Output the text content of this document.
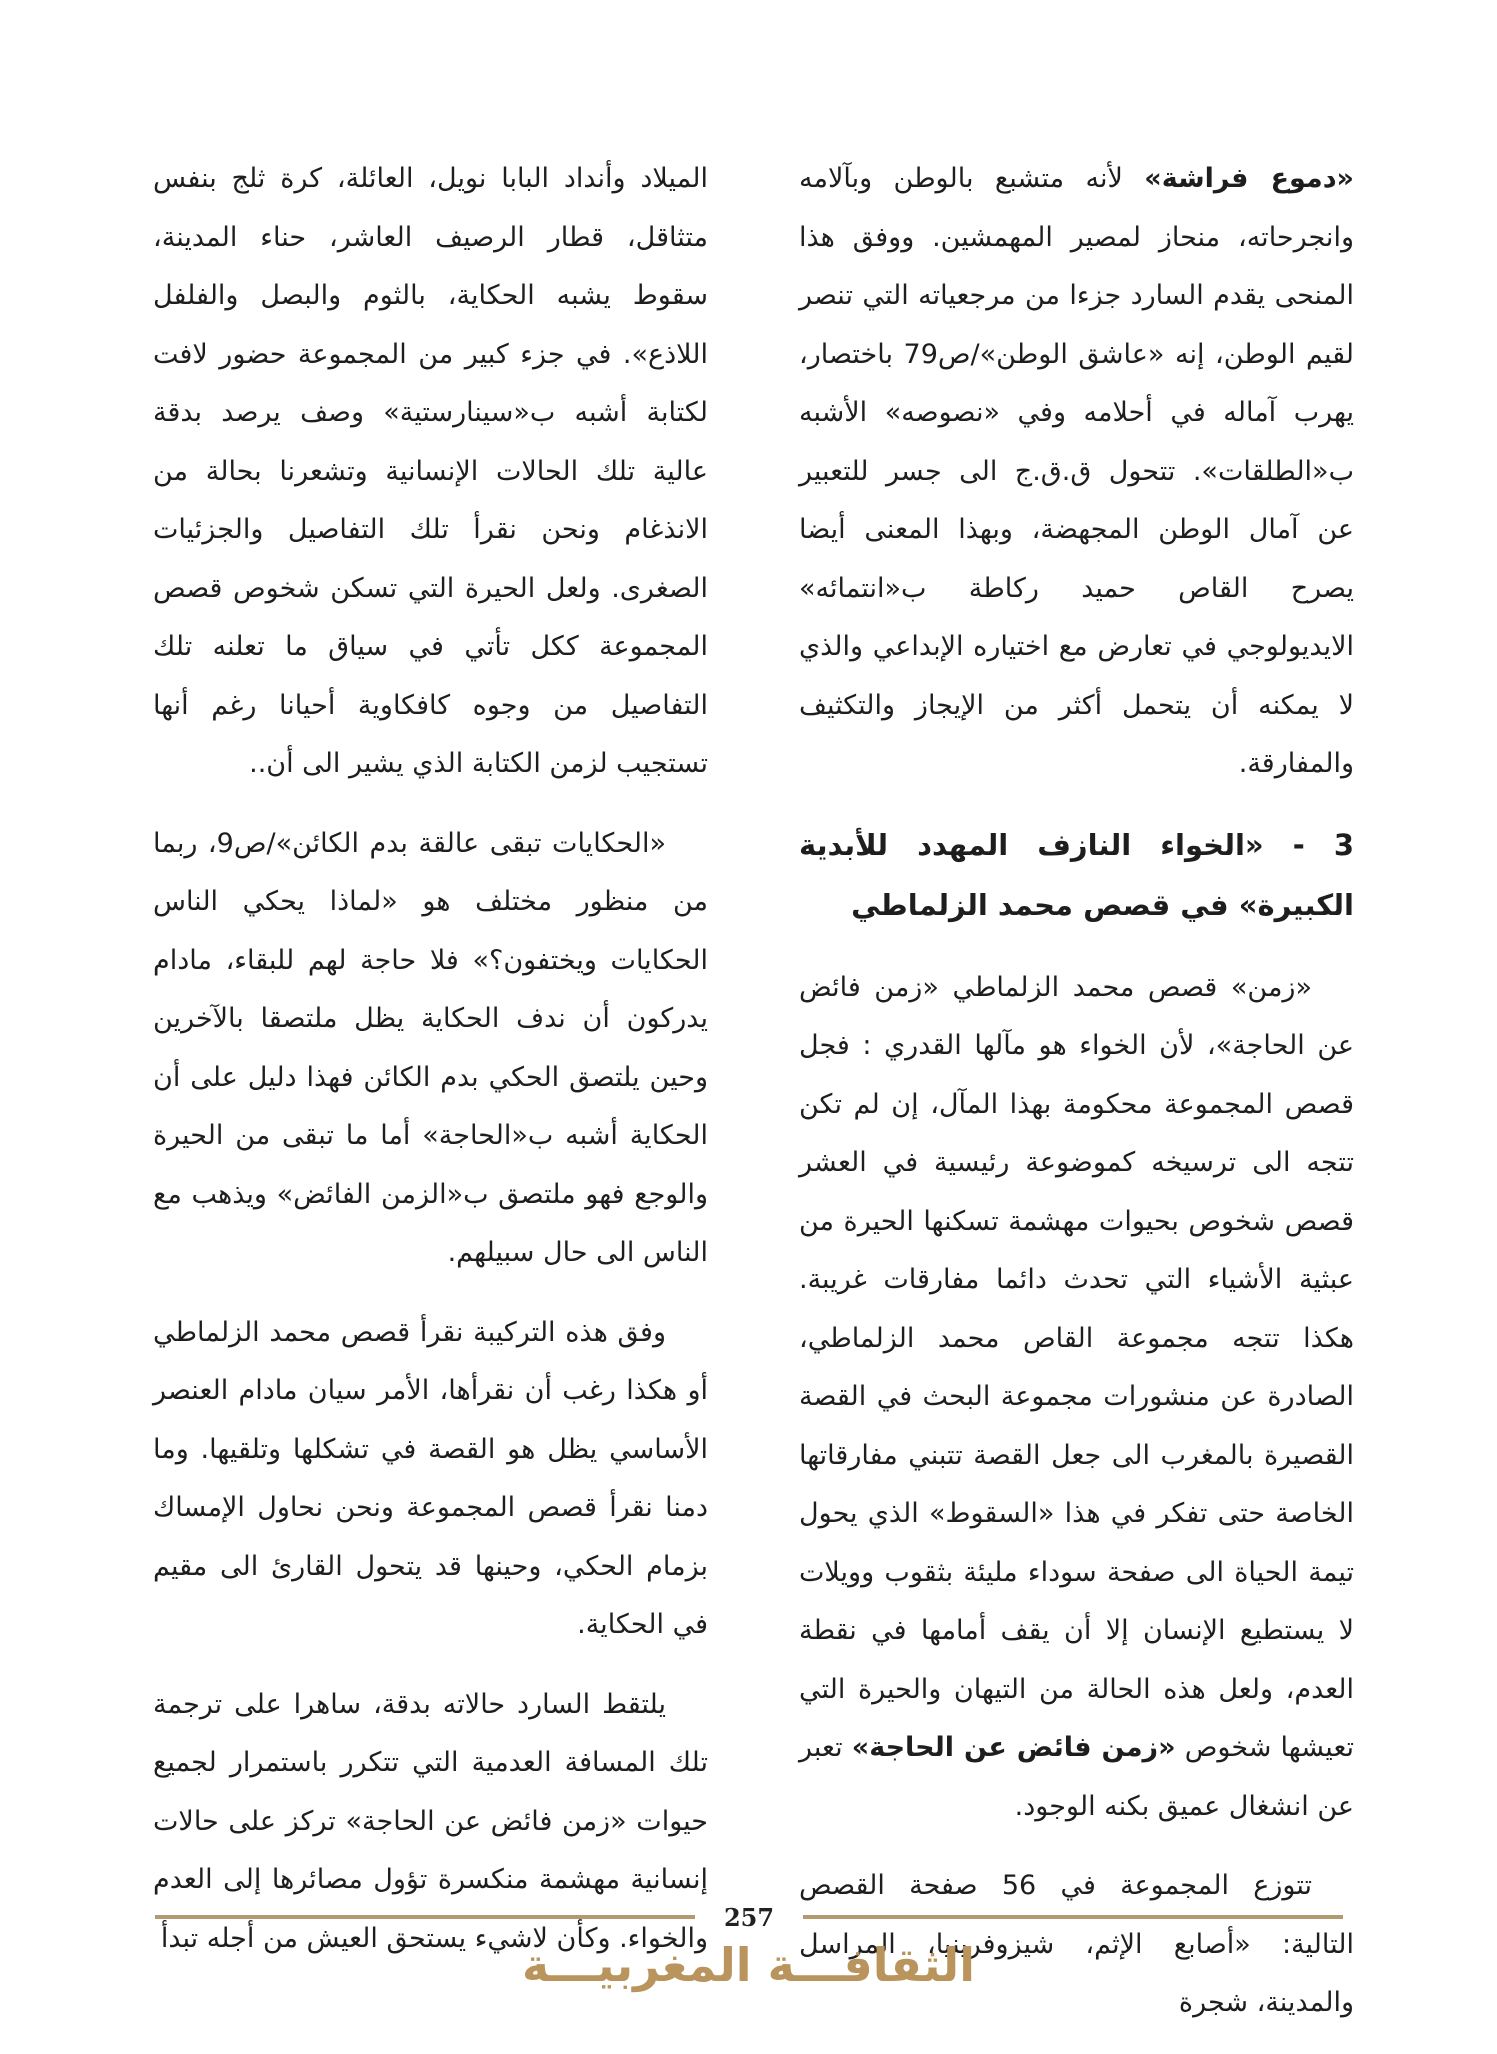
«دموع فراشة» لأنه متشبع بالوطن وبآلامه وانجرحاته، منحاز لمصير المهمشين. ووفق هذا المنحى يقدم السارد جزءا من مرجعياته التي تنصر لقيم الوطن، إنه «عاشق الوطن»/ص79 باختصار، يهرب آماله في أحلامه وفي «نصوصه» الأشبه ب«الطلقات». تتحول ق.ق.ج الى جسر للتعبير عن آمال الوطن المجهضة، وبهذا المعنى أيضا يصرح القاص حميد ركاطة ب«انتمائه» الايديولوجي في تعارض مع اختياره الإبداعي والذي لا يمكنه أن يتحمل أكثر من الإيجاز والتكثيف والمفارقة.

3 - «الخواء النازف المهدد للأبدية الكبيرة» في قصص محمد الزلماطي

«زمن» قصص محمد الزلماطي «زمن فائض عن الحاجة»، لأن الخواء هو مآلها القدري : فجل قصص المجموعة محكومة بهذا المآل، إن لم تكن تتجه الى ترسيخه كموضوعة رئيسية في العشر قصص شخوص بحيوات مهشمة تسكنها الحيرة من عبثية الأشياء التي تحدث دائما مفارقات غريبة. هكذا تتجه مجموعة القاص محمد الزلماطي، الصادرة عن منشورات مجموعة البحث في القصة القصيرة بالمغرب الى جعل القصة تتبني مفارقاتها الخاصة حتى تفكر في هذا «السقوط» الذي يحول تيمة الحياة الى صفحة سوداء مليئة بثقوب وويلات لا يستطيع الإنسان إلا أن يقف أمامها في نقطة العدم، ولعل هذه الحالة من التيهان والحيرة التي تعيشها شخوص «زمن فائض عن الحاجة» تعبر عن انشغال عميق بكنه الوجود.

تتوزع المجموعة في 56 صفحة القصص التالية: «أصابع الإثم، شيزوفرينيا، المراسل والمدينة، شجرة

الميلاد وأنداد البابا نويل، العائلة، كرة ثلج بنفس متثاقل، قطار الرصيف العاشر، حناء المدينة، سقوط يشبه الحكاية، بالثوم والبصل والفلفل اللاذع». في جزء كبير من المجموعة حضور لافت لكتابة أشبه ب«سينارستية» وصف يرصد بدقة عالية تلك الحالات الإنسانية وتشعرنا بحالة من الانذغام ونحن نقرأ تلك التفاصيل والجزئيات الصغرى. ولعل الحيرة التي تسكن شخوص قصص المجموعة ككل تأتي في سياق ما تعلنه تلك التفاصيل من وجوه كافكاوية أحيانا رغم أنها تستجيب لزمن الكتابة الذي يشير الى أن..

«الحكايات تبقى عالقة بدم الكائن»/ص9، ربما من منظور مختلف هو «لماذا يحكي الناس الحكايات ويختفون؟» فلا حاجة لهم للبقاء، مادام يدركون أن ندف الحكاية يظل ملتصقا بالآخرين وحين يلتصق الحكي بدم الكائن فهذا دليل على أن الحكاية أشبه ب«الحاجة» أما ما تبقى من الحيرة والوجع فهو ملتصق ب«الزمن الفائض» ويذهب مع الناس الى حال سبيلهم.

وفق هذه التركيبة نقرأ قصص محمد الزلماطي أو هكذا رغب أن نقرأها، الأمر سيان مادام العنصر الأساسي يظل هو القصة في تشكلها وتلقيها. وما دمنا نقرأ قصص المجموعة ونحن نحاول الإمساك بزمام الحكي، وحينها قد يتحول القارئ الى مقيم في الحكاية.

يلتقط السارد حالاته بدقة، ساهرا على ترجمة تلك المسافة العدمية التي تتكرر باستمرار لجميع حيوات «زمن فائض عن الحاجة» تركز على حالات إنسانية مهشمة منكسرة تؤول مصائرها إلى العدم والخواء. وكأن لاشيء يستحق العيش من أجله تبدأ

257
الثقافـــة المغربيـــة
